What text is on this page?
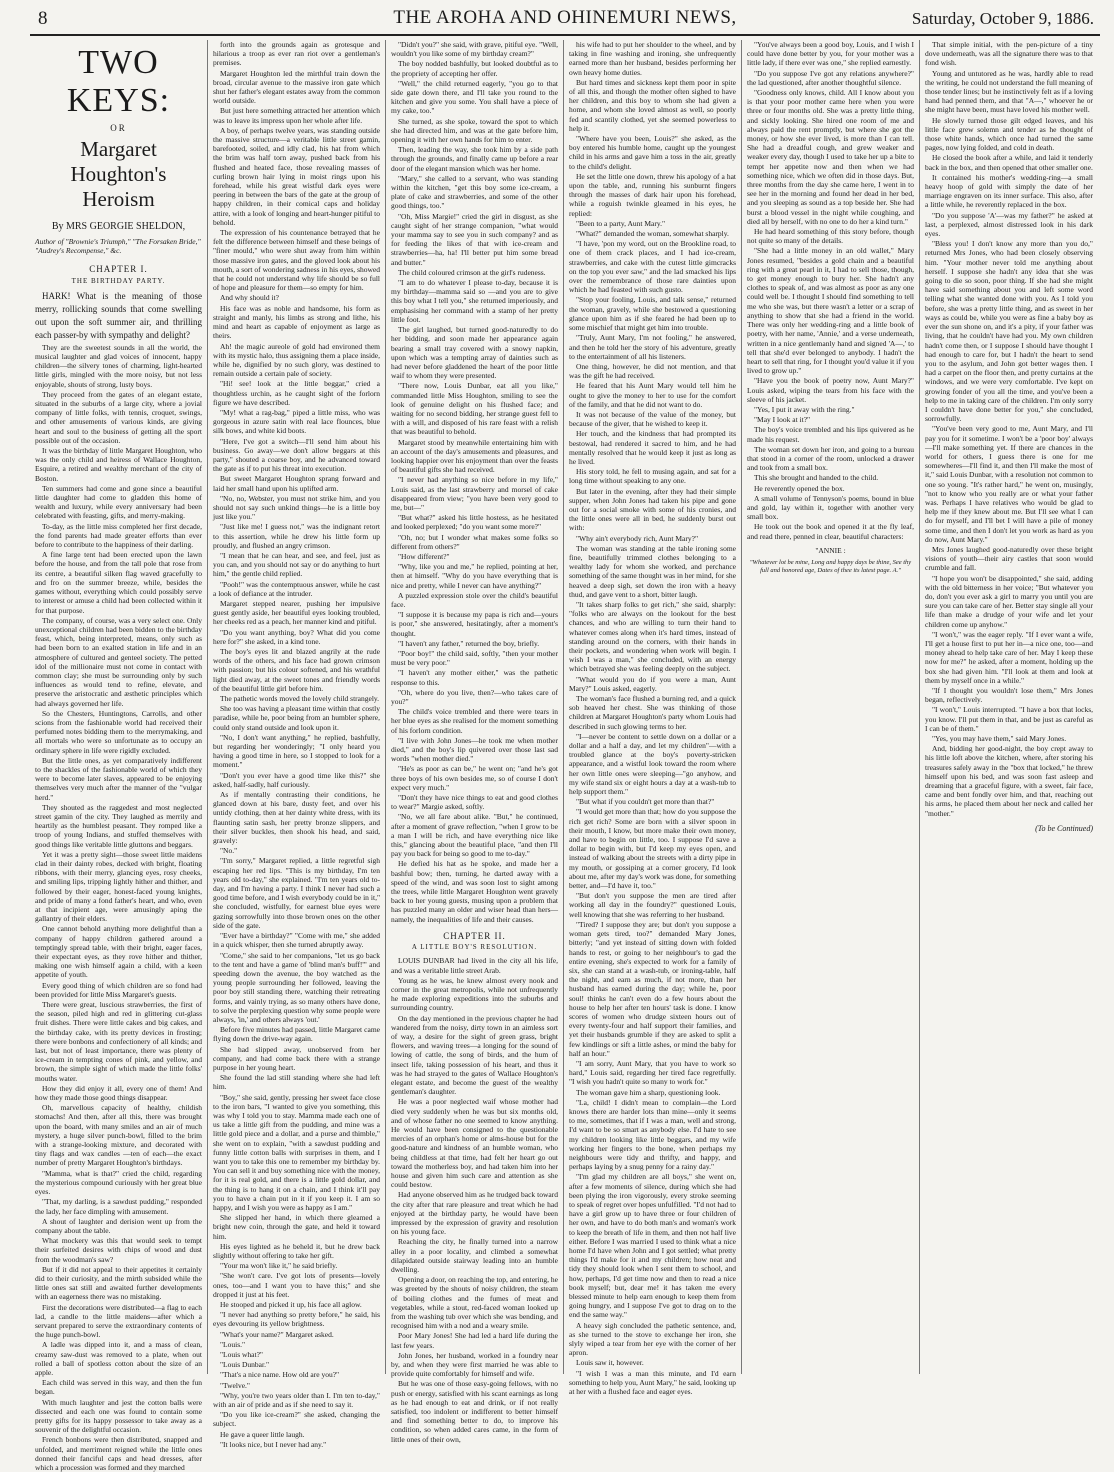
8	THE AROHA AND OHINEMURI NEWS,	Saturday, October 9, 1886.
TWO KEYS:
OR
Margaret Houghton's Heroism
By MRS GEORGIE SHELDON,
Author of "Brownie's Triumph," "The Forsaken Bride," "Audrey's Recompense," &c.
CHAPTER I.
THE BIRTHDAY PARTY.

HARK! What is the meaning of those merry, rollicking sounds that come swelling out upon the soft summer air, and thrilling each passer-by with sympathy and delight?

They are the sweetest sounds in all the world, the musical laughter and glad voices of innocent, happy children—the silvery tones of charming, light-hearted little girls, mingled with the more noisy, but not less enjoyable, shouts of strong, lusty boys.

They proceed from the gates of an elegant estate, situated in the suburbs of a large city, where a jovial company of little folks, with tennis, croquet, swings, and other amusements of various kinds, are giving heart and soul to the business of getting all the sport possible out of the occasion.

It was the birthday of little Margaret Houghton, who was the only child and heiress of Wallace Houghton, Esquire, a retired and wealthy merchant of the city of Boston.

Ten summers had come and gone since a beautiful little daughter had come to gladden this home of wealth and luxury, while every anniversary had been celebrated with feasting, gifts, and merry-making.

To-day, as the little miss completed her first decade, the fond parents had made greater efforts than ever before to contribute to the happiness of their darling.

A fine large tent had been erected upon the lawn before the house, and from the tall pole that rose from its centre, a beautiful silken flag waved gracefully to and fro on the summer breeze, while, besides the games without, everything which could possibly serve to interest or amuse a child had been collected within it for that purpose.

The company, of course, was a very select one. Only unexceptional children had been bidden to the birthday feast, which, being interpreted, means, only such as had been born to an exalted station in life and in an atmosphere of cultured and genteel society. The petted idol of the millionaire must not come in contact with common clay; she must be surrounding only by such influences as would tend to refine, elevate, and preserve the aristocratic and æsthetic principles which had always governed her life.

So the Chesters, Huntingtons, Carrolls, and other scions from the fashionable world had received their perfumed notes bidding them to the merrymaking, and all mortals who were so unfortunate as to occupy an ordinary sphere in life were rigidly excluded.

But the little ones, as yet comparatively indifferent to the shackles of the fashionable world of which they were to become later slaves, appeared to be enjoying themselves very much after the manner of the "vulgar herd."

They shouted as the raggedest and most neglected street gamin of the city. They laughed as merrily and heartily as the humblest peasant. They romped like a troop of young Indians, and stuffed themselves with good things like veritable little gluttons and beggars.

Yet it was a pretty sight—those sweet little maidens clad in their dainty robes, decked with bright, floating ribbons, with their merry, glancing eyes, rosy cheeks, and smiling lips, tripping lightly hither and thither, and followed by their eager, honest-faced young knights, and pride of many a fond father's heart, and who, even at that incipient age, were amusingly aping the gallantry of their elders.

One cannot behold anything more delightful than a company of happy children gathered around a temptingly spread table, with their bright, eager faces, their expectant eyes, as they rove hither and thither, making one wish himself again a child, with a keen appetite of youth.

Every good thing of which children are so fond had been provided for little Miss Margaret's guests.

There were great, luscious strawberries, the first of the season, piled high and red in glittering cut-glass fruit dishes. There were little cakes and big cakes, and the birthday cake, with its pretty devices in frosting; there were bonbons and confectionery of all kinds; and last, but not of least importance, there was plenty of ice-cream in tempting cones of pink, and yellow, and brown, the simple sight of which made the little folks' mouths water.

How they did enjoy it all, every one of them! And how they made those good things disappear.

Oh, marvellous capacity of healthy, childish stomachs! And then, after all this, there was brought upon the board, with many smiles and an air of much mystery, a huge silver punch-bowl, filled to the brim with a strange-looking mixture, and decorated with tiny flags and wax candles —ten of each—the exact number of pretty Margaret Houghton's birthdays.

"Mamma, what is that?" cried the child, regarding the mysterious compound curiously with her great blue eyes.

"That, my darling, is a sawdust pudding," responded the lady, her face dimpling with amusement.

A shout of laughter and derision went up from the company about the table.

What mockery was this that would seek to tempt their surfeited desires with chips of wood and dust from the woodman's saw?

But if it did not appeal to their appetites it certainly did to their curiosity, and the mirth subsided while the little ones sat still and awaited further developments with an eagerness there was no mistaking.

First the decorations were distributed—a flag to each lad, a candle to the little maidens—after which a servant prepared to serve the extraordinary contents of the huge punch-bowl.

A ladle was dipped into it, and a mass of clean, creamy saw-dust was removed to a plate, when out rolled a ball of spotless cotton about the size of an apple.

Each child was served in this way, and then the fun began.

With much laughter and jest the cotton balls were dissected and each one was found to contain some pretty gifts for its happy possessor to take away as a souvenir of the delightful occasion.

French bonbons were then distributed, snapped and unfolded, and merriment reigned while the little ones donned their fanciful caps and head dresses, after which a procession was formed and they marched

forth into the grounds again as grotesque and hilarious a troop as ever ran riot over a gentleman's premises.

Margaret Houghton led the mirthful train down the broad, circular avenue to the massive iron gate which shut her father's elegant estates away from the common world outside.

But just here something attracted her attention which was to leave its impress upon her whole after life.

A boy, of perhaps twelve years, was standing outside the massive structure—a veritable little street gamin, barefooted, soiled, and idly clad, his hat from which the brim was half torn away, pushed back from his flushed and heated face, those revealing masses of curling brown hair lying in moist rings upon his forehead, while his great wistful dark eyes were peering in between the bars of the gate at the group of happy children, in their comical caps and holiday attire, with a look of longing and heart-hunger pitiful to behold.

The expression of his countenance betrayed that he felt the difference between himself and these beings of "finer mould," who were shut away from him within those massive iron gates, and the gloved look about his mouth, a sort of wondering sadness in his eyes, showed that he could not understand why life should be so full of hope and pleasure for them—so empty for him.

And why should it?

His face was as noble and handsome, his form as straight and manly, his limbs as strong and lithe, his mind and heart as capable of enjoyment as large as theirs.

Ah! the magic aureole of gold had environed them with its mystic halo, thus assigning them a place inside, while he, dignified by no such glory, was destined to remain outside a certain pale of society.

"Hi! see! look at the little beggar," cried a thoughtless urchin, as he caught sight of the forlorn figure we have described.

"My! what a rag-bag," piped a little miss, who was gorgeous in azure satin with real lace flounces, blue silk bows, and white kid boots.

"Here, I've got a switch—I'll send him about his business. Go away—we don't allow beggars at this party," shouted a coarse boy, and he advanced toward the gate as if to put his threat into execution.

But sweet Margaret Houghton sprang forward and laid her small hand upon his uplifted arm.

"No, no, Webster, you must not strike him, and you should not say such unkind things—he is a little boy just like you."

"Just like me! I guess not," was the indignant retort to this assertion, while he drew his little form up proudly, and flushed an angry crimson.

"I mean that he can hear, and see, and feel, just as you can, and you should not say or do anything to hurt him," the gentle child replied.

"Pooh!" was the contemptuous answer, while he cast a look of defiance at the intruder.

Margaret stepped nearer, pushing her impulsive guest gently aside, her beautiful eyes looking troubled, her cheeks red as a peach, her manner kind and pitiful.

"Do you want anything, boy? What did you come here for?" she asked, in a kind tone.

The boy's eyes lit and blazed angrily at the rude words of the others, and his face had grown crimson with passion; but his colour softened, and his wrathful light died away, at the sweet tones and friendly words of the beautiful little girl before him.

The pathetic words moved the lovely child strangely.

She too was having a pleasant time within that costly paradise, while he, poor being from an humbler sphere, could only stand outside and look upon it.

"No, I don't want anything," he replied, bashfully, but regarding her wonderingly; "I only heard you having a good time in here, so I stopped to look for a moment."

"Don't you ever have a good time like this?" she asked, half-sadly, half curiously.

As if mentally contrasting their conditions, he glanced down at his bare, dusty feet, and over his untidy clothing, then at her dainty white dress, with its flaunting satin sash, her pretty bronze slippers, and their silver buckles, then shook his head, and said, gravely:

"No."

"I'm sorry," Margaret replied, a little regretful sigh escaping her red lips. "This is my birthday, I'm ten years old to-day," she explained. "I'm ten years old to-day, and I'm having a party. I think I never had such a good time before, and I wish everybody could be in it," she concluded, wistfully, for earnest blue eyes were gazing sorrowfully into those brown ones on the other side of the gate.

"Ever have a birthday?" "Come with me," she added in a quick whisper, then she turned abruptly away.

"Come," she said to her companions, "let us go back to the tent and have a game of 'blind man's buff!'" and speeding down the avenue, the boy watched as the young people surrounding her followed, leaving the poor boy still standing there, watching their retreating forms, and vainly trying, as so many others have done, to solve the perplexing question why some people were always, 'in,' and others always 'out.'

Before five minutes had passed, little Margaret came flying down the drive-way again.

She had slipped away, unobserved from her company, and had come back there with a strange purpose in her young heart.

She found the lad still standing where she had left him.

"Boy," she said, gently, pressing her sweet face close to the iron bars, "I wanted to give you something, this was why I told you to stay. Mamma made each one of us take a little gift from the pudding, and mine was a little gold piece and a dollar, and a purse and thimble," she went on to explain, "with a sawdust pudding and funny little cotton balls with surprises in them, and I want you to take this one to remember my birthday by. You can sell it and buy something nice with the money, for it is real gold, and there is a little gold dollar, and the thing is to hang it on a chain, and I think it'll pay you to have a chain put in it if you keep it. I am so happy, and I wish you were as happy as I am."

She slipped her hand, in which there gleamed a bright new coin, through the gate, and held it toward him.

His eyes lighted as he beheld it, but he drew back slightly without offering to take her gift.

"Your ma won't like it," he said briefly.

"She won't care. I've got lots of presents—lovely ones, too—and I want you to have this;" and she dropped it just at his feet.

He stooped and picked it up, his face all aglow.

"I never had anything so pretty before," he said, his eyes devouring its yellow brightness.

"What's your name?" Margaret asked.

"Louis."

"Louis what?"

"Louis Dunbar."

"That's a nice name. How old are you?"

"Twelve."

"Why, you're two years older than I. I'm ten to-day," with an air of pride and as if she need to say it.

"Do you like ice-cream?" she asked, changing the subject.

He gave a queer little laugh.

"It looks nice, but I never had any."

"Didn't you?" she said, with grave, pitiful eye. "Well, wouldn't you like some of my birthday cream?"

The boy nodded bashfully, but looked doubtful as to the propriety of accepting her offer.

"Well," the child returned eagerly, "you go to that side gate down there, and I'll take you round to the kitchen and give you some. You shall have a piece of my cake, too."

She turned, as she spoke, toward the spot to which she had directed him, and was at the gate before him, opening it with her own hands for him to enter.

Then, leading the way, she took him by a side path through the grounds, and finally came up before a rear door of the elegant mansion which was her home.

"Mary," she called to a servant, who was standing within the kitchen, "get this boy some ice-cream, a plate of cake and strawberries, and some of the other good things, too."

"Oh, Miss Margie!" cried the girl in disgust, as she caught sight of her strange companion, "what would your mamma say to see you in such company? and as for feeding the likes of that with ice-cream and strawberries—ha, ha! I'll better put him some bread and butter."

The child coloured crimson at the girl's rudeness.

"I am to do whatever I please to-day, because it is my birthday—mamma said so —and you are to give this boy what I tell you," she returned imperiously, and emphasising her command with a stamp of her pretty little foot.

The girl laughed, but turned good-naturedly to do her bidding, and soon made her appearance again bearing a small tray covered with a snowy napkin, upon which was a tempting array of dainties such as had never before gladdened the heart of the poor little waif to whom they were presented.

"There now, Louis Dunbar, eat all you like," commanded little Miss Houghton, smiling to see the look of genuine delight on his flushed face; and waiting for no second bidding, her strange guest fell to with a will, and disposed of his rare feast with a relish that was beautiful to behold.

Margaret stood by meanwhile entertaining him with an account of the day's amusements and pleasures, and looking happier over his enjoyment than over the feasts of beautiful gifts she had received.

"I never had anything so nice before in my life," Louis said, as the last strawberry and morsel of cake disappeared from view; "you have been very good to me, but—"

"But what?" asked his little hostess, as he hesitated and looked perplexed; "do you want some more?"

"Oh, no; but I wonder what makes some folks so different from others?"

"How different?"

"Why, like you and me," he replied, pointing at her, then at himself. "Why do you have everything that is nice and pretty, while I never can have anything?"

A puzzled expression stole over the child's beautiful face.

"I suppose it is because my papa is rich and—yours is poor," she answered, hesitatingly, after a moment's thought.

"I haven't any father," returned the boy, briefly.

"Poor boy!" the child said, softly, "then your mother must be very poor."

"I haven't any mother either," was the pathetic response to this.

"Oh, where do you live, then?—who takes care of you?"

The child's voice trembled and there were tears in her blue eyes as she realised for the moment something of his forlorn condition.

"I live with John Jones—he took me when mother died," and the boy's lip quivered over those last sad words "when mother died."

"He's as poor as can be," he went on; "and he's got three boys of his own besides me, so of course I don't expect very much."

"Don't they have nice things to eat and good clothes to wear?" Margie asked, softly.

"No, we all fare about alike. "But," he continued, after a moment of grave reflection, "when I grow to be a man I will be rich, and have everything nice like this," glancing about the beautiful place, "and then I'll pay you back for being so good to me to-day."

He defied his hat as he spoke, and made her a bashful bow; then, turning, he darted away with a speed of the wind, and was soon lost to sight among the trees, while little Margaret Houghton went gravely back to her young guests, musing upon a problem that has puzzled many an older and wiser head than hers—namely, the inequalities of life and their causes.

CHAPTER II.
A LITTLE BOY'S RESOLUTION.

LOUIS DUNBAR had lived in the city all his life, and was a veritable little street Arab.

Young as he was, he knew almost every nook and corner in the great metropolis, while not unfrequently he made exploring expeditions into the suburbs and surrounding country.

On the day mentioned in the previous chapter he had wandered from the noisy, dirty town in an aimless sort of way, a desire for the sight of green grass, bright flowers, and waving trees—a longing for the sound of lowing of cattle, the song of birds, and the hum of insect life, taking possession of his heart, and thus it was he had strayed to the gates of Wallace Houghton's elegant estate, and become the guest of the wealthy gentleman's daughter.

He was a poor neglected waif whose mother had died very suddenly when he was but six months old, and of whose father no one seemed to know anything. He would have been consigned to the questionable mercies of an orphan's home or alms-house but for the good-nature and kindness of an humble woman, who being childless at that time, had felt her heart go out toward the motherless boy, and had taken him into her house and given him such care and attention as she could bestow.

Had anyone observed him as he trudged back toward the city after that rare pleasure and treat which he had enjoyed at the birthday party, he would have been impressed by the expression of gravity and resolution on his young face.

Reaching the city, he finally turned into a narrow alley in a poor locality, and climbed a somewhat dilapidated outside stairway leading into an humble dwelling.

Opening a door, on reaching the top, and entering, he was greeted by the shouts of noisy children, the steam of boiling clothes and the fumes of meat and vegetables, while a stout, red-faced woman looked up from the washing tub over which she was bending, and recognised him with a nod and a weary smile.

Poor Mary Jones! She had led a hard life during the last few years.

John Jones, her husband, worked in a foundry near by, and when they were first married he was able to provide quite comfortably for himself and wife.

But he was one of those easy-going fellows, with no push or energy, satisfied with his scant earnings as long as he had enough to eat and drink, or if not really satisfied, too indolent or indifferent to better himself and find something better to do, to improve his condition, so when added cares came, in the form of little ones of their own,

his wife had to put her shoulder to the wheel, and by taking in fine washing and ironing, she unfrequently earned more than her husband, besides performing her own heavy home duties.

But hard times and sickness kept them poor in spite of all this, and though the mother often sighed to have her children, and this boy to whom she had given a home, and whom she loved almost as well, so poorly fed and scantily clothed, yet she seemed powerless to help it.

"Where have you been, Louis?" she asked, as the boy entered his humble home, caught up the youngest child in his arms and gave him a toss in the air, greatly to the child's delight.

He set the little one down, threw his apology of a hat upon the table, and, running his sunburnt fingers through the masses of dark hair upon his forehead, while a roguish twinkle gleamed in his eyes, he replied:

"Been to a party, Aunt Mary."

"What?" demanded the woman, somewhat sharply.

"I have, 'pon my word, out on the Brookline road, to one of them crack places, and I had ice-cream, strawberries, and cake with the cutest little gimcracks on the top you ever saw," and the lad smacked his lips over the remembrance of those rare dainties upon which he had feasted with such gusto.

"Stop your fooling, Louis, and talk sense," returned the woman, gravely, while she bestowed a questioning glance upon him as if she feared he had been up to some mischief that might get him into trouble.

"Truly, Aunt Mary, I'm not fooling," he answered, and then he told her the story of his adventure, greatly to the entertainment of all his listeners.

One thing, however, he did not mention, and that was the gift he had received.

He feared that his Aunt Mary would tell him he ought to give the money to her to use for the comfort of the family, and that he did not want to do.

It was not because of the value of the money, but because of the giver, that he wished to keep it.

Her touch, and the kindness that had prompted its bestowal, had rendered it sacred to him, and he had mentally resolved that he would keep it just as long as he lived.

His story told, he fell to musing again, and sat for a long time without speaking to any one.

But later in the evening, after they had their simple supper, when John Jones had taken his pipe and gone out for a social smoke with some of his cronies, and the little ones were all in bed, he suddenly burst out with:

"Why ain't everybody rich, Aunt Mary?"

The woman was standing at the table ironing some fine, beautifully trimmed clothes belonging to a wealthy lady for whom she worked, and perchance something of the same thought was in her mind, for she heaved a deep sigh, set down the iron with a heavy thud, and gave vent to a short, bitter laugh.

"It takes sharp folks to get rich," she said, sharply: "folks who are always on the lookout for the best chances, and who are willing to turn their hand to whatever comes along when it's hard times, instead of standing around on the corners, with their hands in their pockets, and wondering when work will begin. I wish I was a man," she concluded, with an energy which betrayed she was feeling deeply on the subject.

"What would you do if you were a man, Aunt Mary?" Louis asked, eagerly.

The woman's face flushed a burning red, and a quick sob heaved her chest. She was thinking of those children at Margaret Houghton's party whom Louis had described in such glowing terms to her.

"I—never be content to settle down on a dollar or a dollar and a half a day, and let my children"—with a troubled glance at the boy's poverty-stricken appearance, and a wistful look toward the room where her own little ones were sleeping—"go anyhow, and my wife stand six or eight hours a day at a wash-tub to help support them."

"But what if you couldn't get more than that?"

"I would get more than that; how do you suppose the rich get rich? Some are born with a silver spoon in their mouth, I know, but more make their own money, and have to begin on little, too. I suppose I'd save a dollar to begin with, but I'd keep my eyes open, and instead of walking about the streets with a dirty pipe in my mouth, or gossiping at a corner grocery, I'd look about me, after my day's work was done, for something better, and—I'd have it, too."

"But don't you suppose the men are tired after working all day in the foundry?" questioned Louis, well knowing that she was referring to her husband.

"Tired? I suppose they are; but don't you suppose a woman gets tired, too?" demanded Mary Jones, bitterly; "and yet instead of sitting down with folded hands to rest, or going to her neighbour's to gad the entire evening, she's expected to work for a family of six, she can stand at a wash-tub, or ironing-table, half the night, and earn as much, if not more, than her husband has earned during the day; while he, poor soul! thinks he can't even do a few hours about the house to help her after ten hours' task is done. I know scores of women who drudge sixteen hours out of every twenty-four and half support their families, and yet their husbands grumble if they are asked to split a few kindlings or sift a little ashes, or mind the baby for half an hour."

"I am sorry, Aunt Mary, that you have to work so hard," Louis said, regarding her tired face regretfully. "I wish you hadn't quite so many to work for."

The woman gave him a sharp, questioning look.

"La, child! I didn't mean to complain—the Lord knows there are harder lots than mine—only it seems to me, sometimes, that if I was a man, well and strong, I'd want to be so smart as anybody else. I'd hate to see my children looking like little beggars, and my wife working her fingers to the bone, when perhaps my neighbours were tidy and thrifty, and happy, and perhaps laying by a snug penny for a rainy day."

"I'm glad my children are all boys," she went on, after a few moments of silence, during which she had been plying the iron vigorously, every stroke seeming to speak of regret over hopes unfulfilled. "I'd not had to have a girl grow up to have three or four children of her own, and have to do both man's and woman's work to keep the breath of life in them, and then not half live either. Before I was married I used to think what a nice home I'd have when John and I got settled; what pretty things I'd make for it and my children; how neat and tidy they should look when I sent them to school, and how, perhaps, I'd get time now and then to read a nice book myself; but, dear me! it has taken me every blessed minute to help earn enough to keep them from going hungry, and I suppose I've got to drag on to the end the same way."

A heavy sigh concluded the pathetic sentence, and, as she turned to the stove to exchange her iron, she slyly wiped a tear from her eye with the corner of her apron.

Louis saw it, however.

"I wish I was a man this minute, and I'd earn something to help you, Aunt Mary," he said, looking up at her with a flushed face and eager eyes.

"You've always been a good boy, Louis, and I wish I could have done better by you, for your mother was a little lady, if there ever was one," she replied earnestly.

"Do you suppose I've got any relations anywhere?" the lad questioned, after another thoughtful silence.

"Goodness only knows, child. All I know about you is that your poor mother came here when you were three or four months old. She was a pretty little thing, and sickly looking. She hired one room of me and always paid the rent promptly, but where she got the money, or how she ever lived, is more than I can tell. She had a dreadful cough, and grew weaker and weaker every day, though I used to take her up a bite to tempt her appetite now and then when we had something nice, which we often did in those days. But, three months from the day she came here, I went in to see her in the morning and found her dead in her bed, and you sleeping as sound as a top beside her. She had burst a blood vessel in the night while coughing, and died all by herself, with no one to do her a kind turn."

He had heard something of this story before, though not quite so many of the details.

"She had a little money in an old wallet," Mary Jones resumed, "besides a gold chain and a beautiful ring with a great pearl in it, I had to sell those, though, to get money enough to bury her. She hadn't any clothes to speak of, and was almost as poor as any one could well be. I thought I should find something to tell me who she was, but there wasn't a letter or a scrap of anything to show that she had a friend in the world. There was only her wedding-ring and a little book of poetry, with her name, 'Annie,' and a verse underneath, written in a nice gentlemanly hand and signed 'A—,' to tell that she'd ever belonged to anybody. I hadn't the heart to sell that ring, for I thought you'd value it if you lived to grow up."

"Have you the book of poetry now, Aunt Mary?" Louis asked, wiping the tears from his face with the sleeve of his jacket.

"Yes, I put it away with the ring."

"May I look at it?"

The boy's voice trembled and his lips quivered as he made his request.

The woman set down her iron, and going to a bureau that stood in a corner of the room, unlocked a drawer and took from a small box.

This she brought and handed to the child.

He reverently opened the box.

A small volume of Tennyson's poems, bound in blue and gold, lay within it, together with another very small box.

He took out the book and opened it at the fly leaf, and read there, penned in clear, beautiful characters:

"ANNIE :
"Whatever lot be mine, Long and happy days be thine, See thy full and honored age, Dates of thee its latest page. A."

That simple initial, with the pen-picture of a tiny dove underneath, was all the signature there was to that fond wish.

Young and untutored as he was, hardly able to read the writing, he could not understand the full meaning of those tender lines; but he instinctively felt as if a loving hand had penned them, and that "A—," whoever he or she might have been, must have loved his mother well.

He slowly turned those gilt edged leaves, and his little face grew solemn and tender as he thought of those white hands, which once had turned the same pages, now lying folded, and cold in death.

He closed the book after a while, and laid it tenderly back in the box, and then opened that other smaller one.

It contained his mother's wedding-ring—a small heavy hoop of gold with simply the date of her marriage engraven on its inner surface. This also, after a little while, he reverently replaced in the box.

"Do you suppose 'A'—was my father?" he asked at last, a perplexed, almost distressed look in his dark eyes.

"Bless you! I don't know any more than you do," returned Mrs Jones, who had been closely observing him. "Your mother never told me anything about herself. I suppose she hadn't any idea that she was going to die so soon, poor thing. If she had she might have said something about you and left some word telling what she wanted done with you. As I told you before, she was a pretty little thing, and as sweet in her ways as could be, while you were as fine a baby boy as ever the sun shone on, and it's a pity, if your father was living, that he couldn't have had you. My own children hadn't come then, or I suppose I should have thought I had enough to care for, but I hadn't the heart to send you to the asylum, and John got better wages then. I had a carpet on the floor then, and pretty curtains at the windows, and we were very comfortable. I've kept on growing fonder of you all the time, and you've been a help to me in taking care of the children. I'm only sorry I couldn't have done better for you," she concluded, sorrowfully.

"You've been very good to me, Aunt Mary, and I'll pay you for it sometime. I won't be a 'poor boy' always—I'll make something yet. If there are chances in the world for others, I guess there is one for me somewheres—I'll find it, and then I'll make the most of it," said Louis Dunbar, with a resolution not common to one so young. "It's rather hard," he went on, musingly, "not to know who you really are or what your father was. Perhaps I have relatives who would be glad to help me if they knew about me. But I'll see what I can do for myself, and I'll bet I will have a pile of money some time, and then I don't let you work as hard as you do now, Aunt Mary."

Mrs Jones laughed good-naturedly over these bright visions of youth—their airy castles that soon would crumble and fall.

"I hope you won't be disappointed," she said, adding with the old bitterness in her voice; "But whatever you do, don't you ever ask a girl to marry you until you are sure you can take care of her. Better stay single all your life than make a drudge of your wife and let your children come up anyhow."

"I won't," was the eager reply. "If I ever want a wife, I'll get a house first to put her in—a nice one, too—and money ahead to help take care of her. May I keep these now for me?" he asked, after a moment, holding up the box she had given him. "I'll look at them and look at them by myself once in a while."

"If I thought you wouldn't lose them," Mrs Jones began, reflectively.

"I won't," Louis interrupted. "I have a box that locks, you know. I'll put them in that, and be just as careful as I can be of them."

"Yes, you may have them," said Mary Jones.

And, bidding her good-night, the boy crept away to his little loft above the kitchen, where, after storing his treasures safely away in the "box that locked," he threw himself upon his bed, and was soon fast asleep and dreaming that a graceful figure, with a sweet, fair face, came and bent fondly over him, and that, reaching out his arms, he placed them about her neck and called her "mother."

(To be Continued)
